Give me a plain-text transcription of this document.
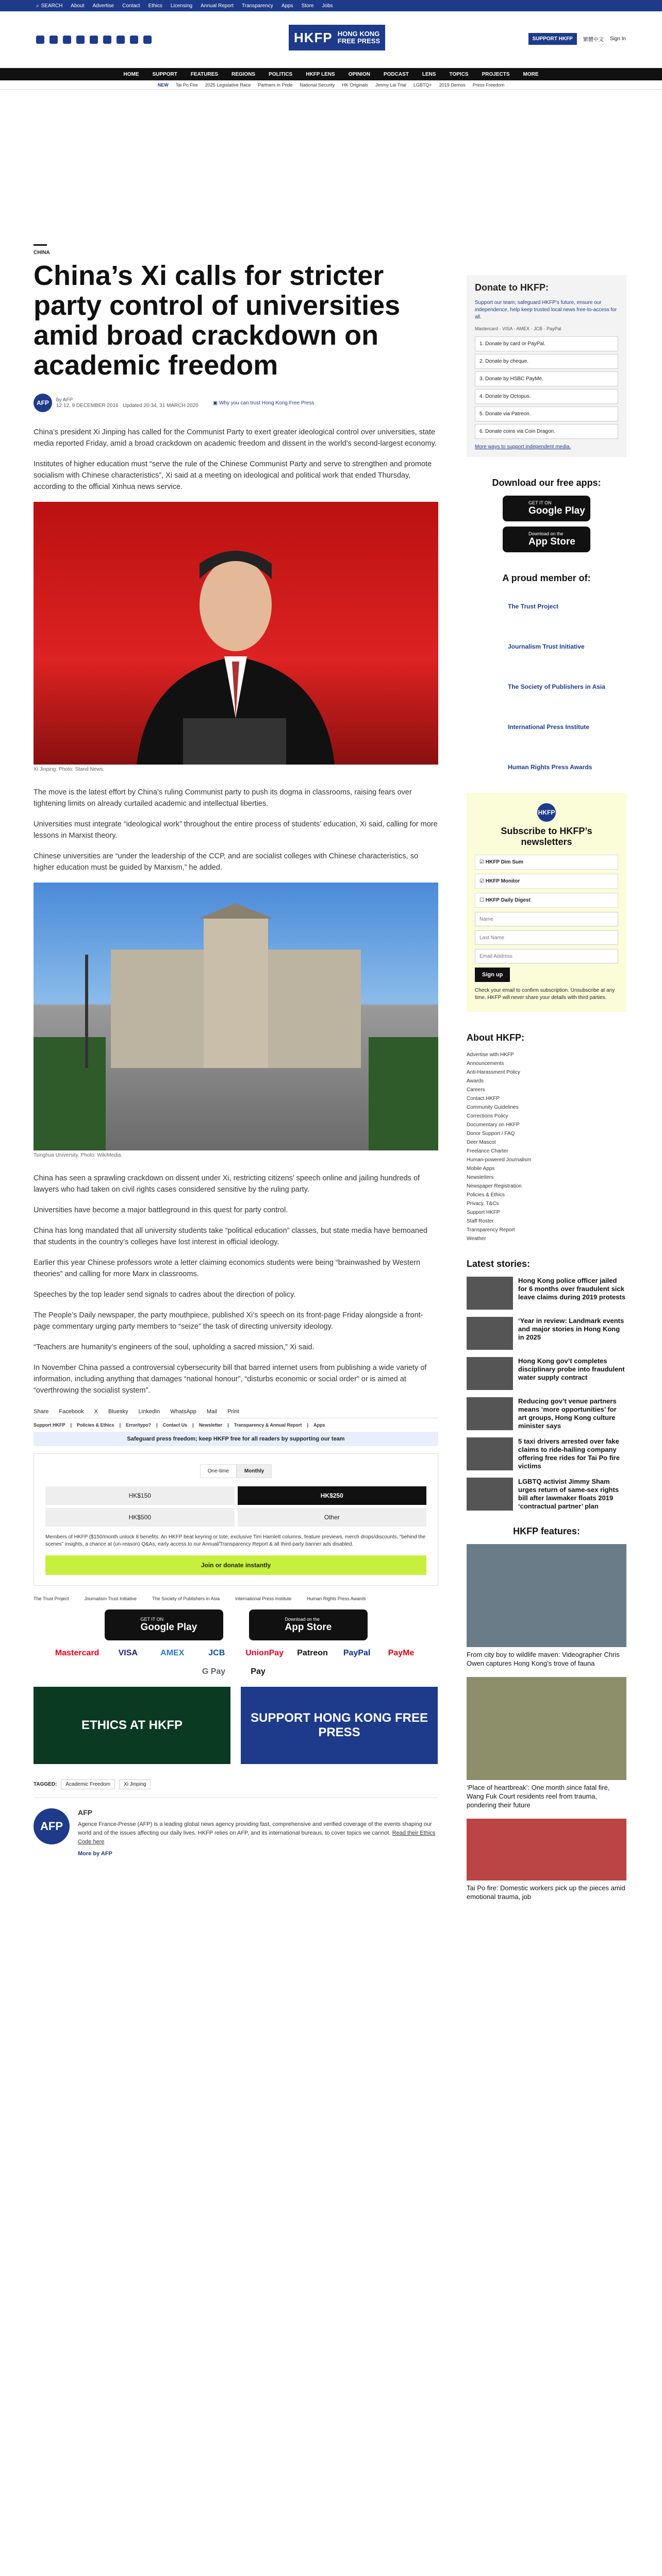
⌕ SEARCH About Advertise Contact Ethics Licensing Annual Report Transparency Apps Store Jobs
HKFP HONG KONG
FREE PRESS	SUPPORT HKFP	繁體中文 Sign In
HOME	SUPPORT	FEATURES	REGIONS	POLITICS	HKFP LENS	OPINION	PODCAST	LENS	TOPICS	PROJECTS	MORE
NEW Tai Po Fire 2025 Legislative Race Partners in Pride National Security HK Originals Jimmy Lai Trial LGBTQ+ 2019 Demos Press Freedom
CHINA
China’s Xi calls for stricter party control of universities amid broad crackdown on academic freedom
AFP	by AFP
12:12, 9 DECEMBER 2016 Updated 20:34, 31 MARCH 2020	▣ Why you can trust Hong Kong Free Press

China’s president Xi Jinping has called for the Communist Party to exert greater ideological control over universities, state media reported Friday, amid a broad crackdown on academic freedom and dissent in the world’s second-largest economy.

Institutes of higher education must “serve the rule of the Chinese Communist Party and serve to strengthen and promote socialism with Chinese characteristics”, Xi said at a meeting on ideological and political work that ended Thursday, according to the official Xinhua news service.

Xi Jinping. Photo: Stand News.

The move is the latest effort by China’s ruling Communist party to push its dogma in classrooms, raising fears over tightening limits on already curtailed academic and intellectual liberties.

Universities must integrate “ideological work” throughout the entire process of students’ education, Xi said, calling for more lessons in Marxist theory.

Chinese universities are “under the leadership of the CCP, and are socialist colleges with Chinese characteristics, so higher education must be guided by Marxism,” he added.

Tsinghua University. Photo: WikiMedia.

China has seen a sprawling crackdown on dissent under Xi, restricting citizens’ speech online and jailing hundreds of lawyers who had taken on civil rights cases considered sensitive by the ruling party.

Universities have become a major battleground in this quest for party control.

China has long mandated that all university students take “political education” classes, but state media have bemoaned that students in the country’s colleges have lost interest in official ideology.

Earlier this year Chinese professors wrote a letter claiming economics students were being “brainwashed by Western theories” and calling for more Marx in classrooms.

Speeches by the top leader send signals to cadres about the direction of policy.

The People’s Daily newspaper, the party mouthpiece, published Xi’s speech on its front-page Friday alongside a front-page commentary urging party members to “seize” the task of directing university ideology.

“Teachers are humanity’s engineers of the soul, upholding a sacred mission,” Xi said.

In November China passed a controversial cybersecurity bill that barred internet users from publishing a wide variety of information, including anything that damages “national honour”, “disturbs economic or social order” or is aimed at “overthrowing the socialist system”.

Share Facebook X Bluesky LinkedIn WhatsApp Mail Print
Support HKFP | Policies & Ethics | Error/typo? | Contact Us | Newsletter | Transparency & Annual Report | Apps
Safeguard press freedom; keep HKFP free for all readers by supporting our team
One-time	Monthly
HK$150	HK$250
HK$500	Other
Members of HKFP ($150/month unlock 8 benefits: An HKFP beat keyring or tote; exclusive Tim Hamlett columns, feature previews, merch drops/discounts, “behind the scenes” insights, a chance at (un-reason) Q&As, early access to our Annual/Transparency Report & all third-party banner ads disabled.
Join or donate instantly
The Trust Project	Journalism Trust Initiative	The Society of Publishers in Asia	International Press Institute	Human Rights Press Awards
GET IT ON
Google Play
Download on the
App Store
Mastercard	VISA	AMEX	JCB	UnionPay Patreon PayPal PayMe
G Pay	Pay
ETHICS AT HKFP
SUPPORT HONG KONG FREE PRESS
TAGGED:	Academic Freedom	Xi Jinping
AFP
AFP
Agence France-Presse (AFP) is a leading global news agency providing fast, comprehensive and verified coverage of the events shaping our world and of the issues affecting our daily lives. HKFP relies on AFP, and its international bureaus, to cover topics we cannot. Read their Ethics Code here
More by AFP
Donate to HKFP:

Support our team; safeguard HKFP’s future, ensure our independence, help keep trusted local news free-to-access for all.

Mastercard · VISA · AMEX · JCB · PayPal
1. Donate by card or PayPal.
2. Donate by cheque.
3. Donate by HSBC PayMe.
4. Donate by Octopus.
5. Donate via Patreon.
6. Donate coins via Coin Dragon.

More ways to support independent media.

Download our free apps:
GET IT ON
Google Play
Download on the
App Store
A proud member of:
The Trust Project
Journalism Trust Initiative
The Society of Publishers in Asia
International Press Institute
Human Rights Press Awards
HKFP
Subscribe to HKFP’s newsletters
☑ HKFP Dim Sum
☑ HKFP Monitor
☐ HKFP Daily Digest
Name Last Name Email Address Sign up

Check your email to confirm subscription. Unsubscribe at any time. HKFP will never share your details with third parties.

About HKFP:
Advertise with HKFP
Announcements
Anti-Harassment Policy
Awards
Careers
Contact HKFP
Community Guidelines
Corrections Policy
Documentary on HKFP
Donor Support / FAQ
Deer Mascot
Freelance Charter
Human-powered Journalism
Mobile Apps
Newsletters
Newspaper Registration
Policies & Ethics
Privacy, T&Cs
Support HKFP
Staff Roster
Transparency Report
Weather
Latest stories:
Hong Kong police officer jailed for 6 months over fraudulent sick leave claims during 2019 protests
‘Year in review: Landmark events and major stories in Hong Kong in 2025
Hong Kong gov’t completes disciplinary probe into fraudulent water supply contract
Reducing gov’t venue partners means ‘more opportunities’ for art groups, Hong Kong culture minister says
5 taxi drivers arrested over fake claims to ride-hailing company offering free rides for Tai Po fire victims
LGBTQ activist Jimmy Sham urges return of same-sex rights bill after lawmaker floats 2019 ‘contractual partner’ plan
HKFP features:
From city boy to wildlife maven: Videographer Chris Owen captures Hong Kong’s trove of fauna
‘Place of heartbreak’: One month since fatal fire, Wang Fuk Court residents reel from trauma, pondering their future
Tai Po fire: Domestic workers pick up the pieces amid emotional trauma, job
